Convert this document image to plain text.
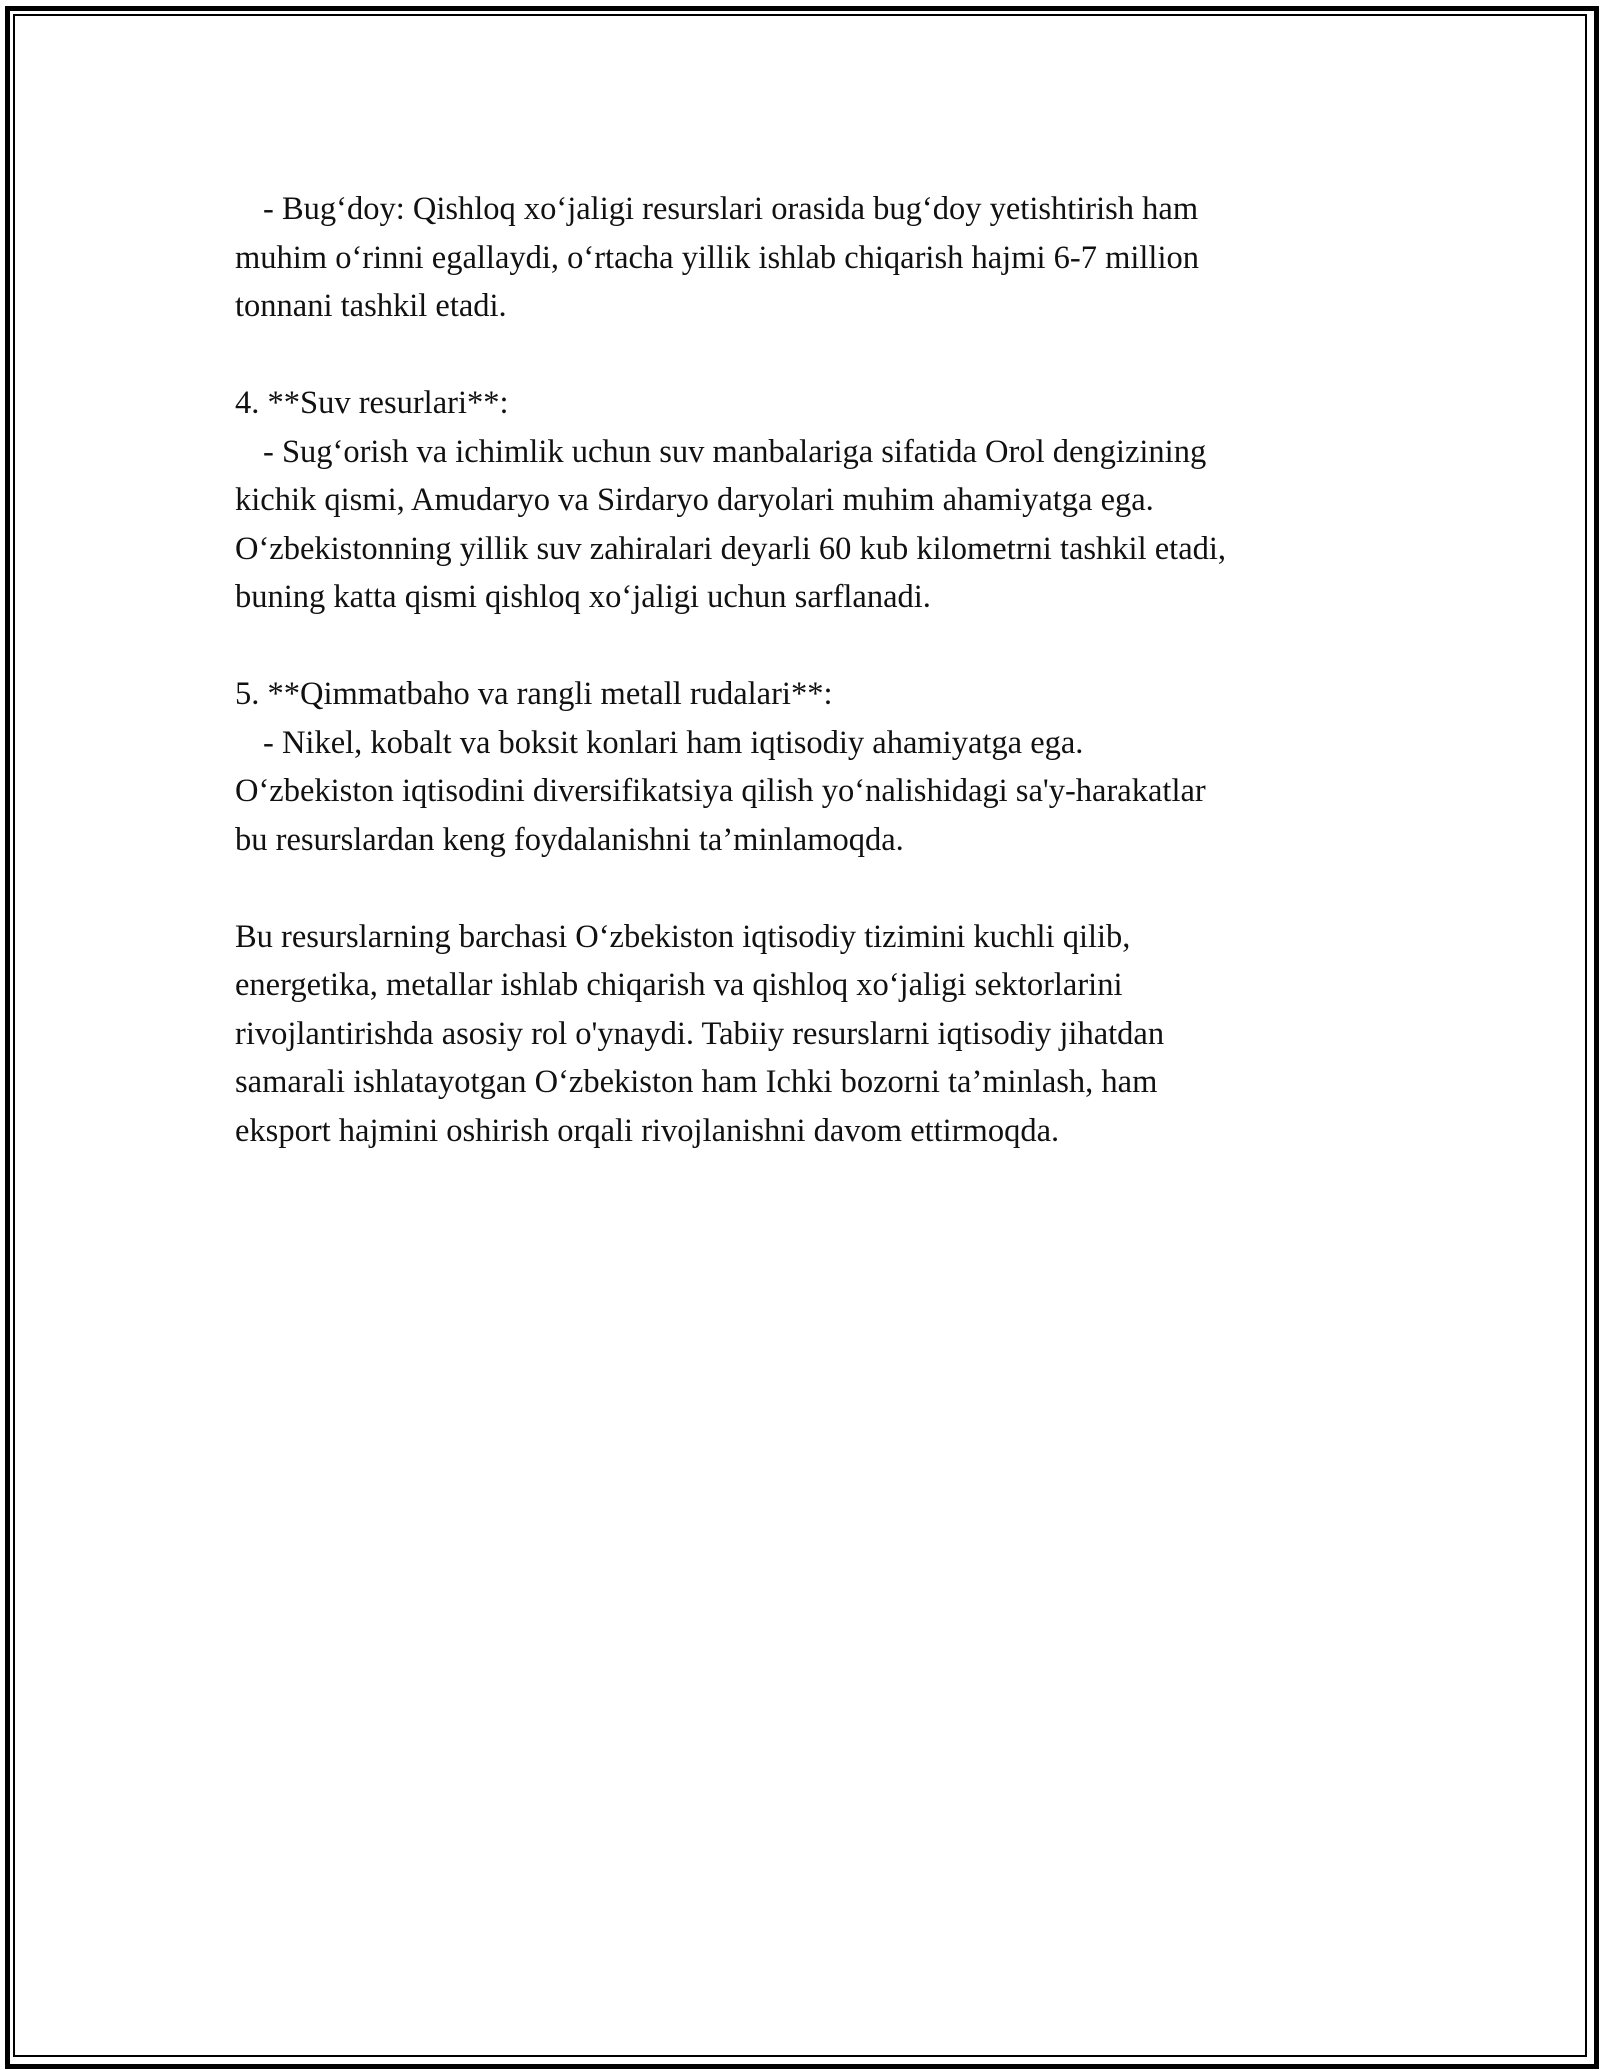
- Bug‘doy: Qishloq xo‘jaligi resurslari orasida bug‘doy yetishtirish ham
muhim o‘rinni egallaydi, o‘rtacha yillik ishlab chiqarish hajmi 6-7 million
tonnani tashkil etadi.
4. **Suv resurlari**:
- Sug‘orish va ichimlik uchun suv manbalariga sifatida Orol dengizining
kichik qismi, Amudaryo va Sirdaryo daryolari muhim ahamiyatga ega.
O‘zbekistonning yillik suv zahiralari deyarli 60 kub kilometrni tashkil etadi,
buning katta qismi qishloq xo‘jaligi uchun sarflanadi.
5. **Qimmatbaho va rangli metall rudalari**:
- Nikel, kobalt va boksit konlari ham iqtisodiy ahamiyatga ega.
O‘zbekiston iqtisodini diversifikatsiya qilish yo‘nalishidagi sa'y-harakatlar
bu resurslardan keng foydalanishni ta’minlamoqda.
Bu resurslarning barchasi O‘zbekiston iqtisodiy tizimini kuchli qilib,
energetika, metallar ishlab chiqarish va qishloq xo‘jaligi sektorlarini
rivojlantirishda asosiy rol o'ynaydi. Tabiiy resurslarni iqtisodiy jihatdan
samarali ishlatayotgan O‘zbekiston ham Ichki bozorni ta’minlash, ham
eksport hajmini oshirish orqali rivojlanishni davom ettirmoqda.
